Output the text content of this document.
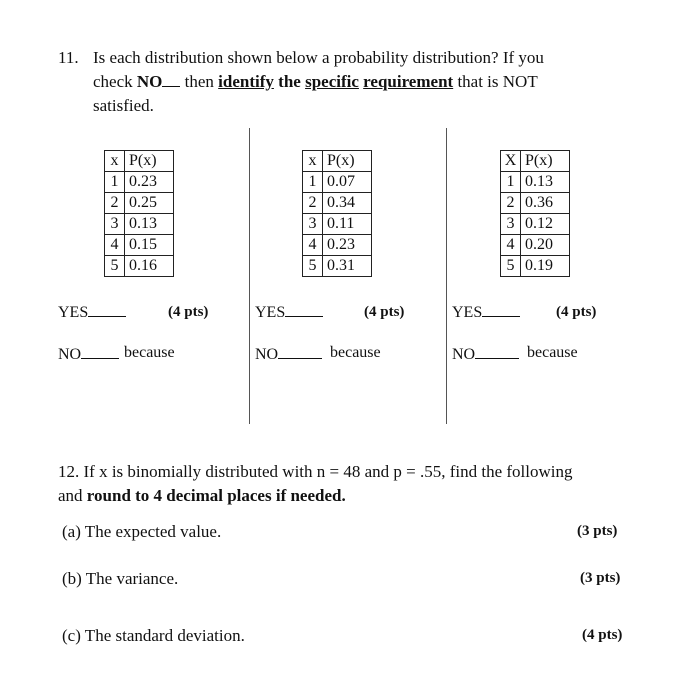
11. Is each distribution shown below a probability distribution? If you
check NO then identify the specific requirement that is NOT
satisfied.
x	P(x)
1	0.23
2	0.25
3	0.13
4	0.15
5	0.16
x	P(x)
1	0.07
2	0.34
3	0.11
4	0.23
5	0.31
X	P(x)
1	0.13
2	0.36
3	0.12
4	0.20
5	0.19
YES	(4 pts)	YES	(4 pts)	YES	(4 pts)
NO	because	NO	because	NO	because
12. If x is binomially distributed with n = 48 and p = .55, find the following
and round to 4 decimal places if needed.
(a) The expected value.	(3 pts)
(b) The variance.	(3 pts)
(c) The standard deviation.	(4 pts)
